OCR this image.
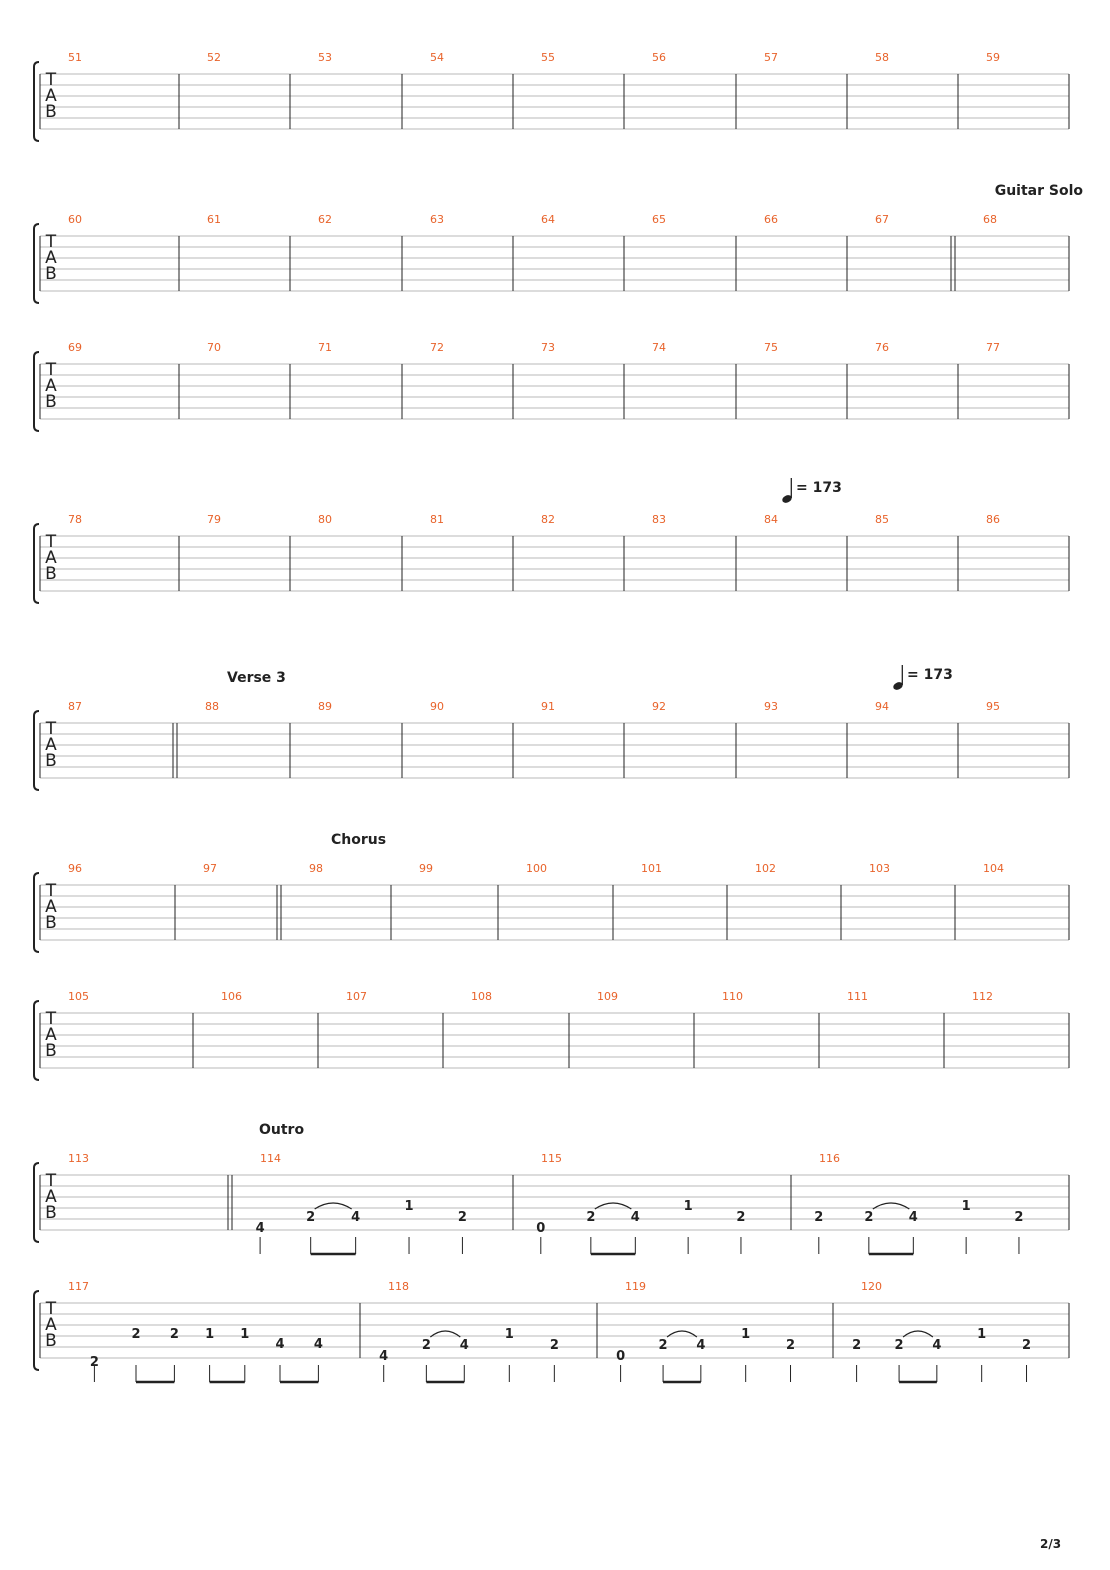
T
A
B
51	52	53	54	55	56	57	58	59
T
A
B
60	61	62	63	64	65	66	67	68
Guitar Solo
T
A
B
69	70	71	72	73	74	75	76	77
T
A
B
78	79	80	81	82	83	84	85	86
= 173
T
A
B
87	88	89	90	91	92	93	94	95
Verse 3	= 173
T
A
B
96	97	98	99	100	101	102	103	104
Chorus
T
A
B
105	106	107	108	109	110	111	112
T
A
B
113	114	115	116
Outro
4
2	4
1
2
0
2	4
1
2	2	2	4
1
2
T
A
B
117	118	119	120
2
2 2 1 1
4 4
4
2 4
1
2
0
2 4
1
2	2	2 4
1
2
2/3
